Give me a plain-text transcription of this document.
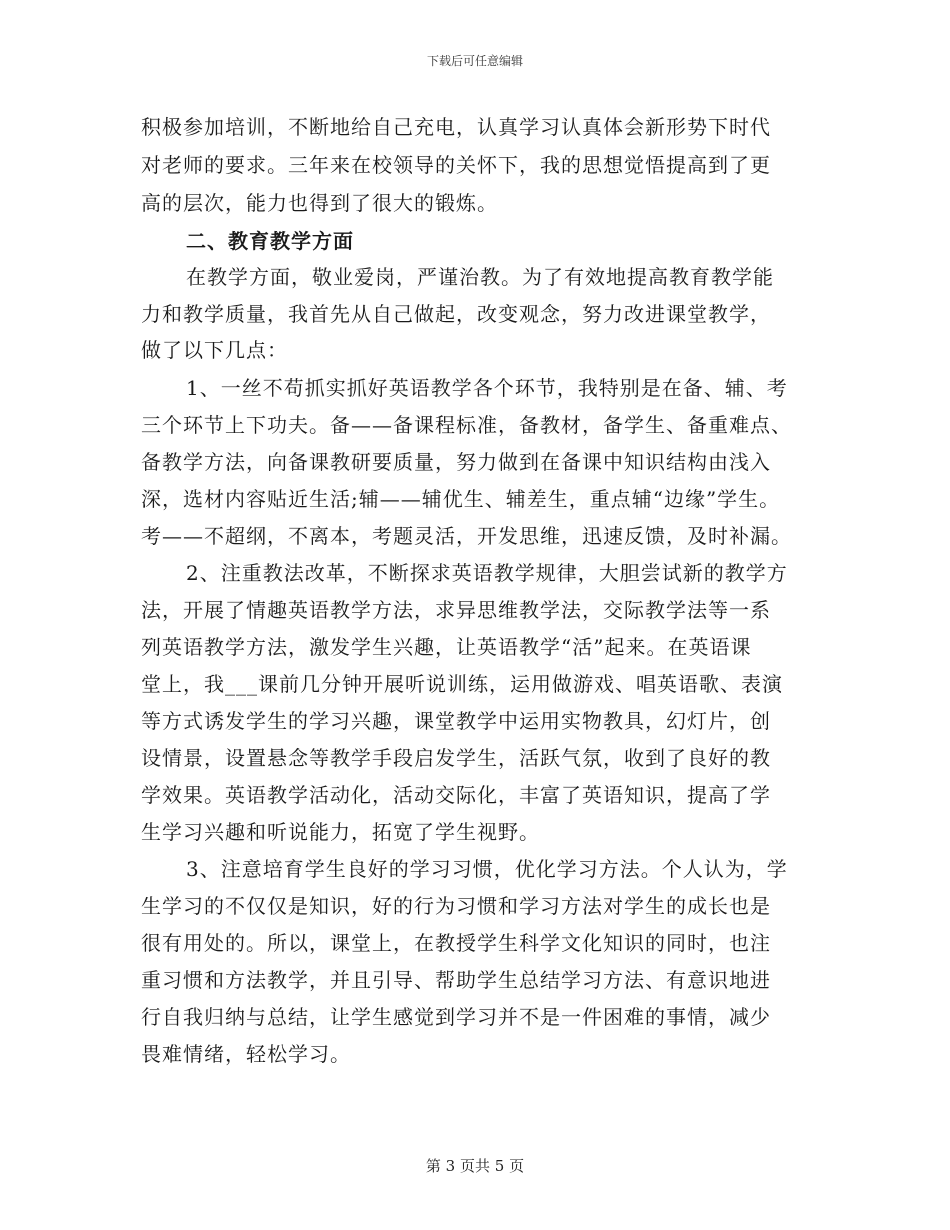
下载后可任意编辑
积极参加培训，不断地给自己充电，认真学习认真体会新形势下时代
对老师的要求。三年来在校领导的关怀下，我的思想觉悟提高到了更
高的层次，能力也得到了很大的锻炼。
二、教育教学方面
在教学方面，敬业爱岗，严谨治教。为了有效地提高教育教学能
力和教学质量，我首先从自己做起，改变观念，努力改进课堂教学，
做了以下几点：
1、一丝不苟抓实抓好英语教学各个环节，我特别是在备、辅、考
三个环节上下功夫。备——备课程标准，备教材，备学生、备重难点、
备教学方法，向备课教研要质量，努力做到在备课中知识结构由浅入
深，选材内容贴近生活;辅——辅优生、辅差生，重点辅“边缘”学生。
考——不超纲，不离本，考题灵活，开发思维，迅速反馈，及时补漏。
2、注重教法改革，不断探求英语教学规律，大胆尝试新的教学方
法，开展了情趣英语教学方法，求异思维教学法，交际教学法等一系
列英语教学方法，激发学生兴趣，让英语教学“活”起来。在英语课
堂上，我___课前几分钟开展听说训练，运用做游戏、唱英语歌、表演
等方式诱发学生的学习兴趣，课堂教学中运用实物教具，幻灯片，创
设情景，设置悬念等教学手段启发学生，活跃气氛，收到了良好的教
学效果。英语教学活动化，活动交际化，丰富了英语知识，提高了学
生学习兴趣和听说能力，拓宽了学生视野。
3、注意培育学生良好的学习习惯，优化学习方法。个人认为，学
生学习的不仅仅是知识，好的行为习惯和学习方法对学生的成长也是
很有用处的。所以，课堂上，在教授学生科学文化知识的同时，也注
重习惯和方法教学，并且引导、帮助学生总结学习方法、有意识地进
行自我归纳与总结，让学生感觉到学习并不是一件困难的事情，减少
畏难情绪，轻松学习。
第 3 页共 5 页
